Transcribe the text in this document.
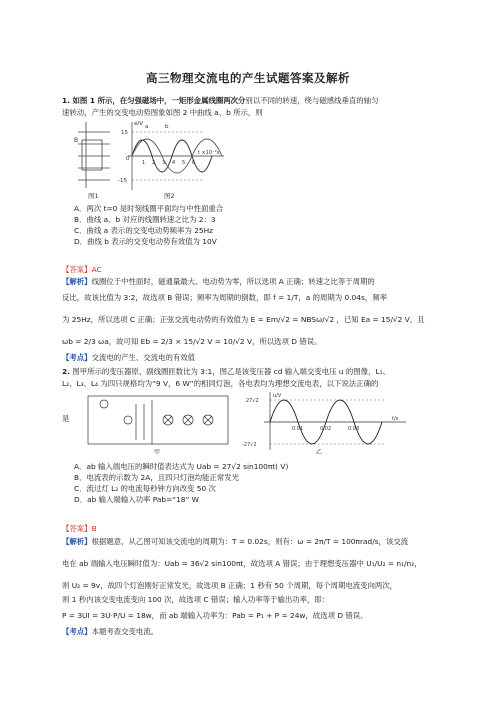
高三物理交流电的产生试题答案及解析
1. 如图 1 所示，在匀强磁场中，一矩形金属线圈两次分别以不同的转速，绕与磁感线垂直的轴匀
速转动，产生的交变电动势图象如图 2 中曲线 a、b 所示，则
B
图1
e/V
15
0
-15
1 2 3 4 5 6
t ×10⁻²s
a	b
图2
A．两次 t=0 是时刻线圈平面均与中性面重合
B．曲线 a、b 对应的线圈转速之比为 2：3
C．曲线 a 表示的交变电动势频率为 25Hz
D．曲线 b 表示的交变电动势有效值为 10V
【答案】AC
【解析】线圈位于中性面时，磁通量最大、电动势为零，所以选项 A 正确；转速之比等于周期的
反比，故该比值为 3:2，故选项 B 错误；频率为周期的倒数，即 f = 1/T，a 的周期为 0.04s，频率
为 25Hz，所以选项 C 正确；正弦交流电动势的有效值为 E = Em/√2 = NBSω/√2 ，已知 Ea = 15/√2 V，且
ωb = 2/3 ωa，故可知 Eb = 2/3 × 15/√2 V = 10/√2 V，所以选项 D 错误。
【考点】交流电的产生、交流电的有效值
2. 图甲所示的变压器原、副线圈匝数比为 3:1，图乙是该变压器 cd 输入端交变电压 u 的图像，L₁、
L₂、L₃、L₄ 为四只规格均为“9 V，6 W”的相同灯泡，各电表均为理想交流电表，以下说法正确的
是
甲
u/V
27√2
-27√2
0.01	0.02	0.03
t/s
乙
A．ab 输入端电压的瞬时值表达式为 Uab = 27√2 sin100πt( V)
B．电流表的示数为 2A，且四只灯泡均能正常发光
C．流过灯 L₂ 的电流每秒钟方向改变 50 次
D．ab 输入端输入功率 Pab=“18” W
【答案】B
【解析】根据题意，从乙图可知该交流电的周期为：T = 0.02s，则有：ω = 2π/T = 100πrad/s，该交流
电在 ab 端输入电压瞬时值为：Uab = 36√2 sin100πt，故选项 A 错误；由于理想变压器中 U₁/U₂ = n₁/n₂，
则 U₂ = 9v，故四个灯泡刚好正常发光，故选项 B 正确；1 秒有 50 个周期，每个周期电流变向两次，
则 1 秒内该交变电流变向 100 次，故选项 C 错误；输入功率等于输出功率，即：
P = 3UI = 3U·P/U = 18w，而 ab 端输入功率为：Pab = P₁ + P = 24w，故选项 D 错误。
【考点】本题考查交变电流。
